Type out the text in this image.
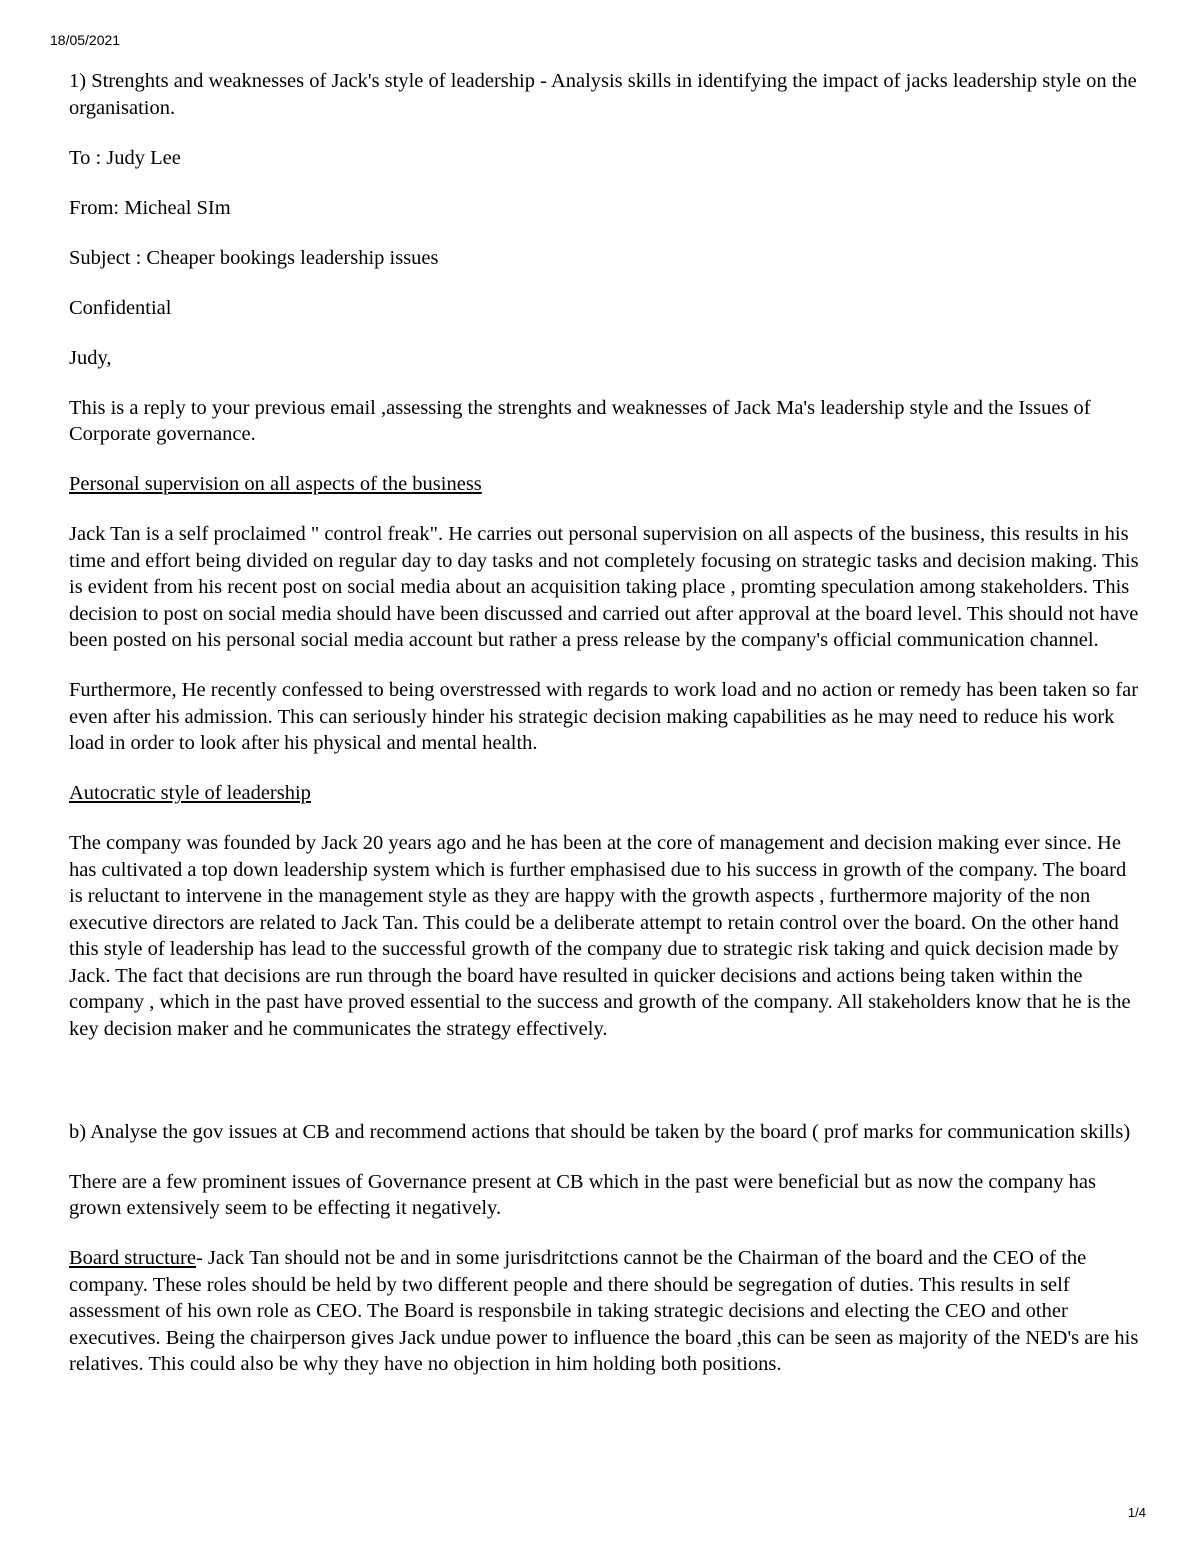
18/05/2021

1) Strenghts and weaknesses of Jack's style of leadership - Analysis skills in identifying the impact of jacks leadership style on the organisation.

To : Judy Lee

From: Micheal SIm

Subject : Cheaper bookings leadership issues

Confidential

Judy,

This is a reply to your previous email ,assessing the strenghts and weaknesses of Jack Ma's leadership style and the Issues of Corporate governance.

Personal supervision on all aspects of the business

Jack Tan is a self proclaimed " control freak". He carries out personal supervision on all aspects of the business, this results in his time and effort being divided on regular day to day tasks and not completely focusing on strategic tasks and decision making. This is evident from his recent post on social media about an acquisition taking place , promting speculation among stakeholders. This decision to post on social media should have been discussed and carried out after approval at the board level. This should not have been posted on his personal social media account but rather a press release by the company's official communication channel.

Furthermore, He recently confessed to being overstressed with regards to work load and no action or remedy has been taken so far even after his admission. This can seriously hinder his strategic decision making capabilities as he may need to reduce his work load in order to look after his physical and mental health.

Autocratic style of leadership

The company was founded by Jack 20 years ago and he has been at the core of management and decision making ever since. He has cultivated a top down leadership system which is further emphasised due to his success in growth of the company. The board is reluctant to intervene in the management style as they are happy with the growth aspects , furthermore majority of the non executive directors are related to Jack Tan. This could be a deliberate attempt to retain control over the board. On the other hand this style of leadership has lead to the successful growth of the company due to strategic risk taking and quick decision made by Jack. The fact that decisions are run through the board have resulted in quicker decisions and actions being taken within the company , which in the past have proved essential to the success and growth of the company. All stakeholders know that he is the key decision maker and he communicates the strategy effectively.

b) Analyse the gov issues at CB and recommend actions that should be taken by the board ( prof marks for communication skills)

There are a few prominent issues of Governance present at CB which in the past were beneficial but as now the company has grown extensively seem to be effecting it negatively.

Board structure- Jack Tan should not be and in some jurisdritctions cannot be the Chairman of the board and the CEO of the company. These roles should be held by two different people and there should be segregation of duties. This results in self assessment of his own role as CEO. The Board is responsbile in taking strategic decisions and electing the CEO and other executives. Being the chairperson gives Jack undue power to influence the board ,this can be seen as majority of the NED's are his relatives. This could also be why they have no objection in him holding both positions.

1/4
